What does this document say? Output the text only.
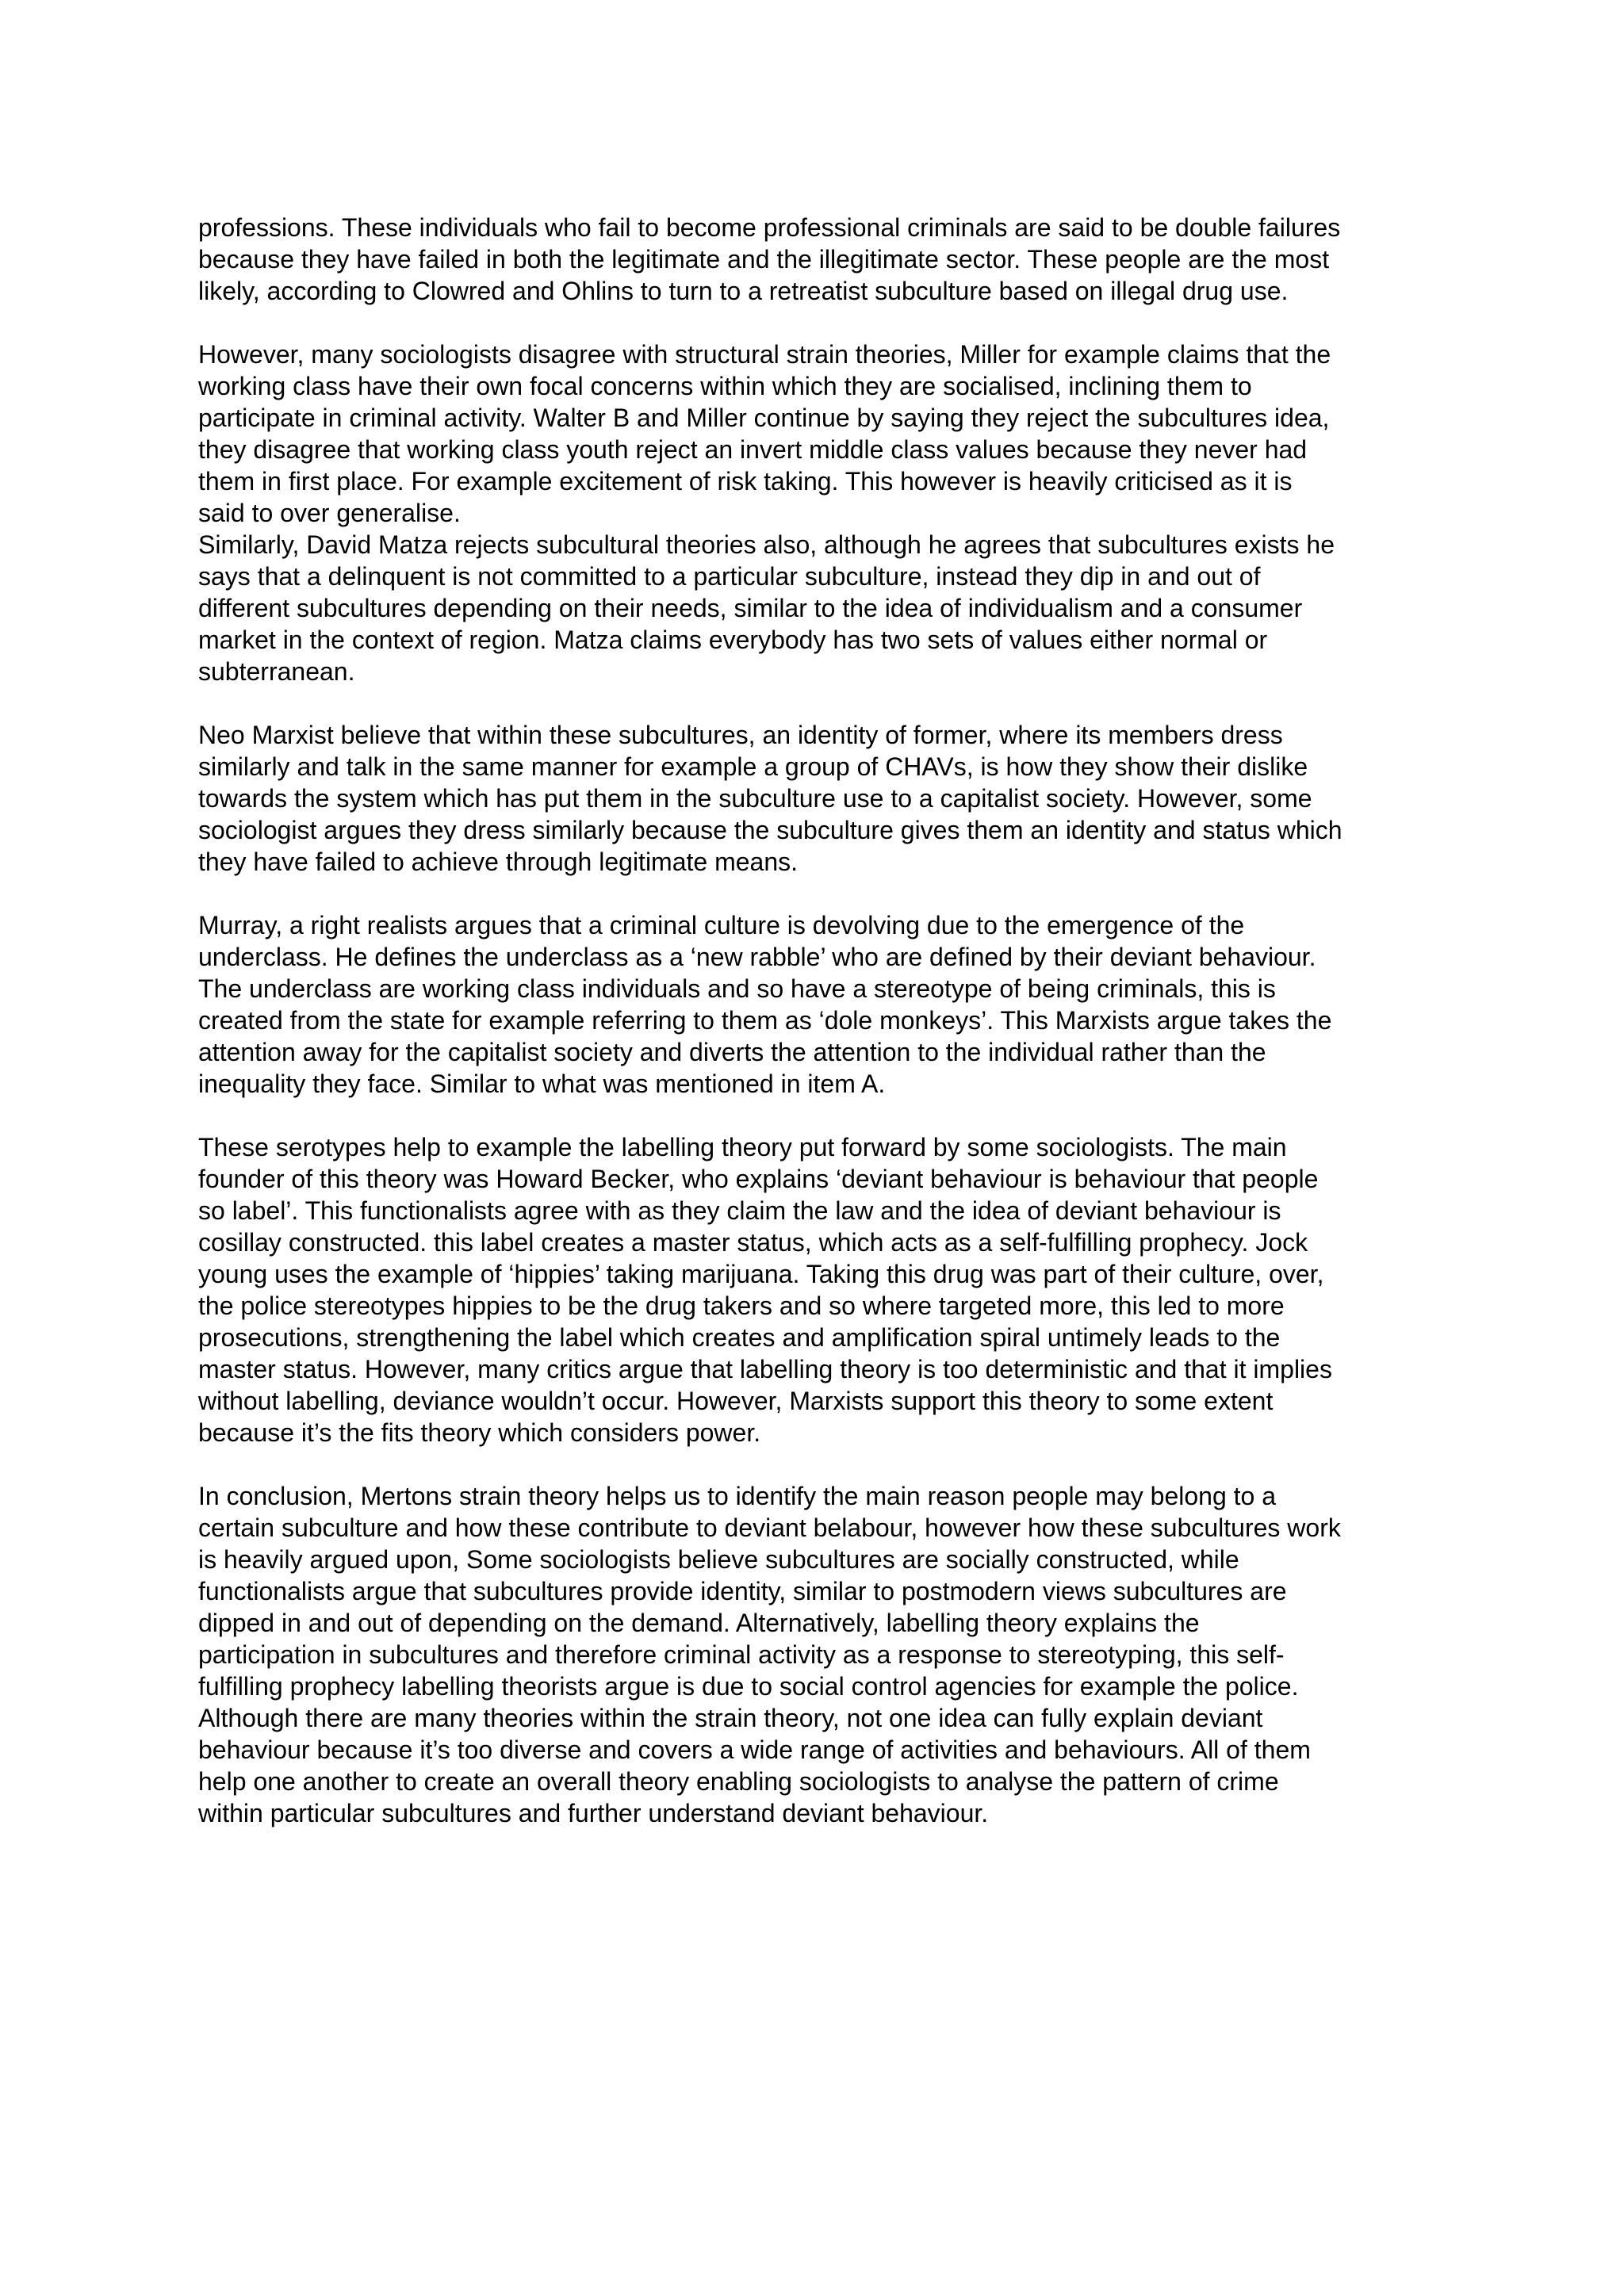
professions. These individuals who fail to become professional criminals are said to be double failures
because they have failed in both the legitimate and the illegitimate sector. These people are the most
likely, according to Clowred and Ohlins to turn to a retreatist subculture based on illegal drug use.

However, many sociologists disagree with structural strain theories, Miller for example claims that the
working class have their own focal concerns within which they are socialised, inclining them to
participate in criminal activity. Walter B and Miller continue by saying they reject the subcultures idea,
they disagree that working class youth reject an invert middle class values because they never had
them in first place. For example excitement of risk taking. This however is heavily criticised as it is
said to over generalise.

Similarly, David Matza rejects subcultural theories also, although he agrees that subcultures exists he
says that a delinquent is not committed to a particular subculture, instead they dip in and out of
different subcultures depending on their needs, similar to the idea of individualism and a consumer
market in the context of region. Matza claims everybody has two sets of values either normal or
subterranean.

Neo Marxist believe that within these subcultures, an identity of former, where its members dress
similarly and talk in the same manner for example a group of CHAVs, is how they show their dislike
towards the system which has put them in the subculture use to a capitalist society. However, some
sociologist argues they dress similarly because the subculture gives them an identity and status which
they have failed to achieve through legitimate means.

Murray, a right realists argues that a criminal culture is devolving due to the emergence of the
underclass. He defines the underclass as a ‘new rabble’ who are defined by their deviant behaviour.
The underclass are working class individuals and so have a stereotype of being criminals, this is
created from the state for example referring to them as ‘dole monkeys’. This Marxists argue takes the
attention away for the capitalist society and diverts the attention to the individual rather than the
inequality they face. Similar to what was mentioned in item A.

These serotypes help to example the labelling theory put forward by some sociologists. The main
founder of this theory was Howard Becker, who explains ‘deviant behaviour is behaviour that people
so label’. This functionalists agree with as they claim the law and the idea of deviant behaviour is
cosillay constructed. this label creates a master status, which acts as a self-fulfilling prophecy. Jock
young uses the example of ‘hippies’ taking marijuana. Taking this drug was part of their culture, over,
the police stereotypes hippies to be the drug takers and so where targeted more, this led to more
prosecutions, strengthening the label which creates and amplification spiral untimely leads to the
master status. However, many critics argue that labelling theory is too deterministic and that it implies
without labelling, deviance wouldn’t occur. However, Marxists support this theory to some extent
because it’s the fits theory which considers power.

In conclusion, Mertons strain theory helps us to identify the main reason people may belong to a
certain subculture and how these contribute to deviant belabour, however how these subcultures work
is heavily argued upon, Some sociologists believe subcultures are socially constructed, while
functionalists argue that subcultures provide identity, similar to postmodern views subcultures are
dipped in and out of depending on the demand. Alternatively, labelling theory explains the
participation in subcultures and therefore criminal activity as a response to stereotyping, this self-
fulfilling prophecy labelling theorists argue is due to social control agencies for example the police.
Although there are many theories within the strain theory, not one idea can fully explain deviant
behaviour because it’s too diverse and covers a wide range of activities and behaviours. All of them
help one another to create an overall theory enabling sociologists to analyse the pattern of crime
within particular subcultures and further understand deviant behaviour.
